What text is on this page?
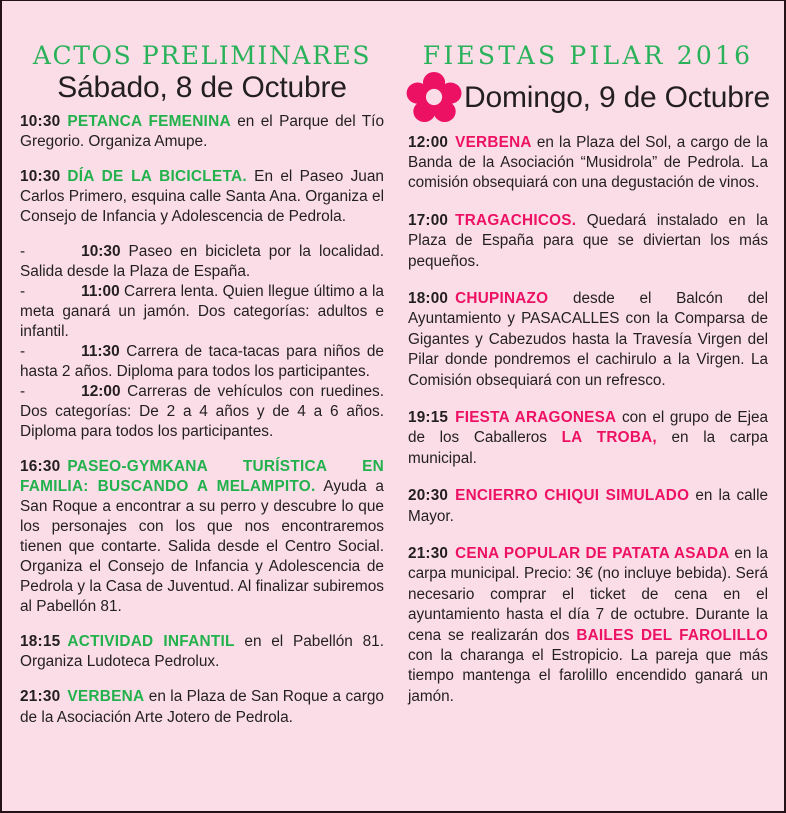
ACTOS PRELIMINARES
Sábado, 8 de Octubre

10:30 PETANCA FEMENINA en el Parque del Tío Gregorio. Organiza Amupe.

10:30 DÍA DE LA BICICLETA. En el Paseo Juan Carlos Primero, esquina calle Santa Ana. Organiza el Consejo de Infancia y Adolescencia de Pedrola.

-	10:30 Paseo en bicicleta por la localidad. Salida desde la Plaza de España.

-	11:00 Carrera lenta. Quien llegue último a la meta ganará un jamón. Dos categorías: adultos e infantil.

-	11:30 Carrera de taca-tacas para niños de hasta 2 años. Diploma para todos los participantes.

-	12:00 Carreras de vehículos con ruedines. Dos categorías: De 2 a 4 años y de 4 a 6 años. Diploma para todos los participantes.

16:30 PASEO-GYMKANA TURÍSTICA EN FAMILIA: BUSCANDO A MELAMPITO. Ayuda a San Roque a encontrar a su perro y descubre lo que los personajes con los que nos encontraremos tienen que contarte. Salida desde el Centro Social. Organiza el Consejo de Infancia y Adolescencia de Pedrola y la Casa de Juventud. Al finalizar subiremos al Pabellón 81.

18:15 ACTIVIDAD INFANTIL en el Pabellón 81. Organiza Ludoteca Pedrolux.

21:30 VERBENA en la Plaza de San Roque a cargo de la Asociación Arte Jotero de Pedrola.

FIESTAS PILAR 2016
Domingo, 9 de Octubre

12:00 VERBENA en la Plaza del Sol, a cargo de la Banda de la Asociación “Musidrola” de Pedrola. La comisión obsequiará con una degustación de vinos.

17:00 TRAGACHICOS. Quedará instalado en la Plaza de España para que se diviertan los más pequeños.

18:00 CHUPINAZO desde el Balcón del Ayuntamiento y PASACALLES con la Comparsa de Gigantes y Cabezudos hasta la Travesía Virgen del Pilar donde pondremos el cachirulo a la Virgen. La Comisión obsequiará con un refresco.

19:15 FIESTA ARAGONESA con el grupo de Ejea de los Caballeros LA TROBA, en la carpa municipal.

20:30 ENCIERRO CHIQUI SIMULADO en la calle Mayor.

21:30 CENA POPULAR DE PATATA ASADA en la carpa municipal. Precio: 3€ (no incluye bebida). Será necesario comprar el ticket de cena en el ayuntamiento hasta el día 7 de octubre. Durante la cena se realizarán dos BAILES DEL FAROLILLO con la charanga el Estropicio. La pareja que más tiempo mantenga el farolillo encendido ganará un jamón.
